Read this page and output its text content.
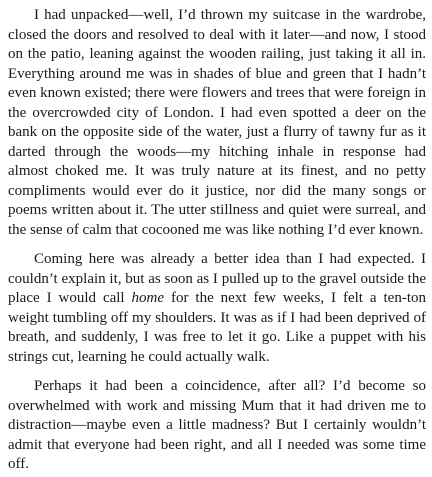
I had unpacked—well, I’d thrown my suitcase in the wardrobe, closed the doors and resolved to deal with it later—and now, I stood on the patio, leaning against the wooden railing, just taking it all in. Everything around me was in shades of blue and green that I hadn’t even known existed; there were flowers and trees that were foreign in the overcrowded city of London. I had even spotted a deer on the bank on the opposite side of the water, just a flurry of tawny fur as it darted through the woods—my hitching inhale in response had almost choked me. It was truly nature at its finest, and no petty compliments would ever do it justice, nor did the many songs or poems written about it. The utter stillness and quiet were surreal, and the sense of calm that cocooned me was like nothing I’d ever known.

Coming here was already a better idea than I had expected. I couldn’t explain it, but as soon as I pulled up to the gravel outside the place I would call home for the next few weeks, I felt a ten-ton weight tumbling off my shoulders. It was as if I had been deprived of breath, and suddenly, I was free to let it go. Like a puppet with his strings cut, learning he could actually walk.

Perhaps it had been a coincidence, after all? I’d become so overwhelmed with work and missing Mum that it had driven me to distraction—maybe even a little madness? But I certainly wouldn’t admit that everyone had been right, and all I needed was some time off.
